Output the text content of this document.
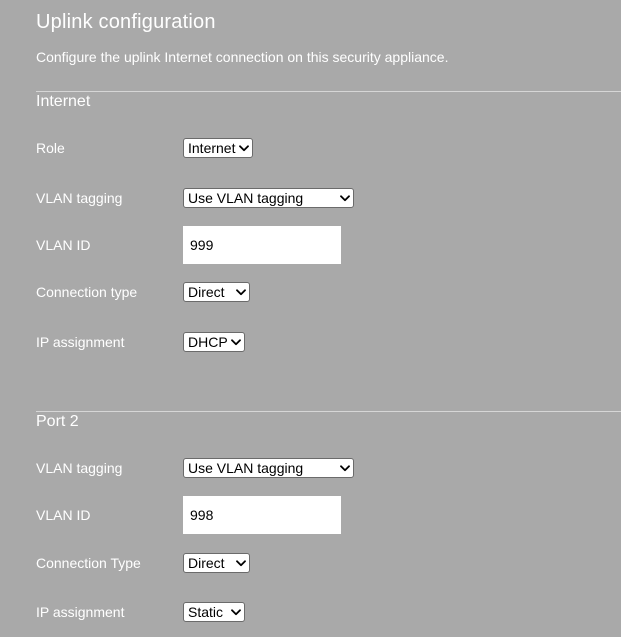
Uplink configuration
Configure the uplink Internet connection on this security appliance.
Internet
Role	Internet
VLAN tagging	Use VLAN tagging
VLAN ID	999
Connection type	Direct
IP assignment	DHCP
Port 2
VLAN tagging	Use VLAN tagging
VLAN ID	998
Connection Type	Direct
IP assignment	Static
